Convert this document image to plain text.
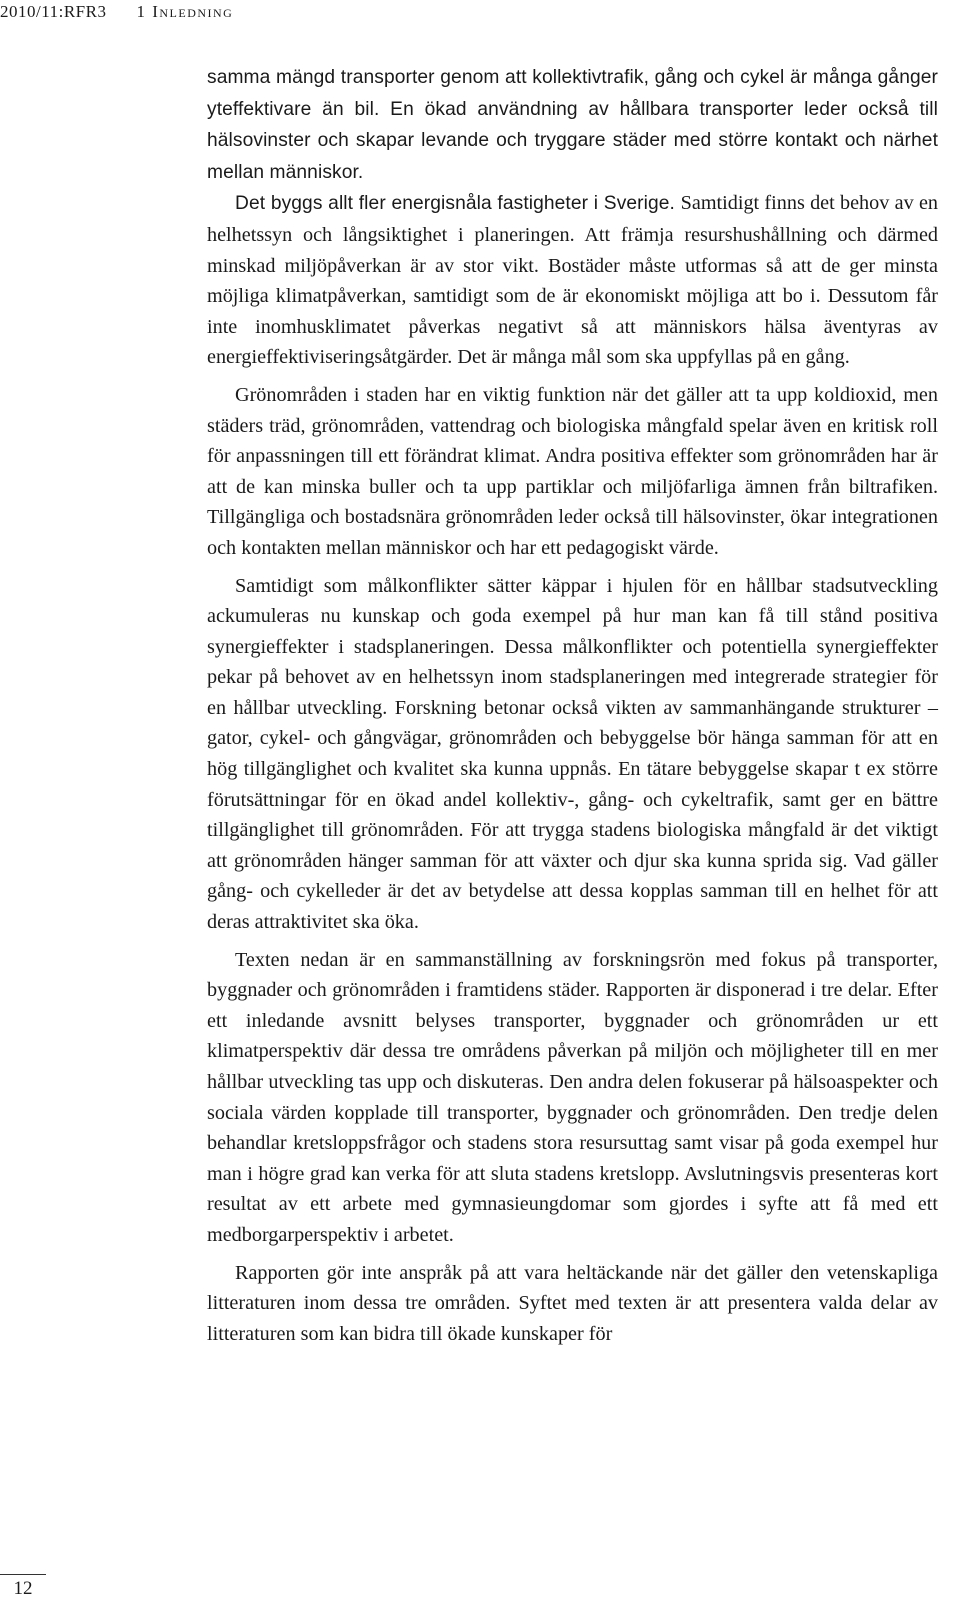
2010/11:RFR3 1 Inledning

samma mängd transporter genom att kollektivtrafik, gång och cykel är många gånger yteffektivare än bil. En ökad användning av hållbara transporter leder också till hälsovinster och skapar levande och tryggare städer med större kontakt och närhet mellan människor.

Det byggs allt fler energisnåla fastigheter i Sverige. Samtidigt finns det behov av en helhetssyn och långsiktighet i planeringen. Att främja resurshushållning och därmed minskad miljöpåverkan är av stor vikt. Bostäder måste utformas så att de ger minsta möjliga klimatpåverkan, samtidigt som de är ekonomiskt möjliga att bo i. Dessutom får inte inomhusklimatet påverkas negativt så att människors hälsa äventyras av energieffektiviseringsåtgärder. Det är många mål som ska uppfyllas på en gång.

Grönområden i staden har en viktig funktion när det gäller att ta upp koldioxid, men städers träd, grönområden, vattendrag och biologiska mångfald spelar även en kritisk roll för anpassningen till ett förändrat klimat. Andra positiva effekter som grönområden har är att de kan minska buller och ta upp partiklar och miljöfarliga ämnen från biltrafiken. Tillgängliga och bostadsnära grönområden leder också till hälsovinster, ökar integrationen och kontakten mellan människor och har ett pedagogiskt värde.

Samtidigt som målkonflikter sätter käppar i hjulen för en hållbar stadsutveckling ackumuleras nu kunskap och goda exempel på hur man kan få till stånd positiva synergieffekter i stadsplaneringen. Dessa målkonflikter och potentiella synergieffekter pekar på behovet av en helhetssyn inom stadsplaneringen med integrerade strategier för en hållbar utveckling. Forskning betonar också vikten av sammanhängande strukturer – gator, cykel- och gångvägar, grönområden och bebyggelse bör hänga samman för att en hög tillgänglighet och kvalitet ska kunna uppnås. En tätare bebyggelse skapar t ex större förutsättningar för en ökad andel kollektiv-, gång- och cykeltrafik, samt ger en bättre tillgänglighet till grönområden. För att trygga stadens biologiska mångfald är det viktigt att grönområden hänger samman för att växter och djur ska kunna sprida sig. Vad gäller gång- och cykelleder är det av betydelse att dessa kopplas samman till en helhet för att deras attraktivitet ska öka.

Texten nedan är en sammanställning av forskningsrön med fokus på transporter, byggnader och grönområden i framtidens städer. Rapporten är disponerad i tre delar. Efter ett inledande avsnitt belyses transporter, byggnader och grönområden ur ett klimatperspektiv där dessa tre områdens påverkan på miljön och möjligheter till en mer hållbar utveckling tas upp och diskuteras. Den andra delen fokuserar på hälsoaspekter och sociala värden kopplade till transporter, byggnader och grönområden. Den tredje delen behandlar kretsloppsfrågor och stadens stora resursuttag samt visar på goda exempel hur man i högre grad kan verka för att sluta stadens kretslopp. Avslutningsvis presenteras kort resultat av ett arbete med gymnasieungdomar som gjordes i syfte att få med ett medborgarperspektiv i arbetet.

Rapporten gör inte anspråk på att vara heltäckande när det gäller den vetenskapliga litteraturen inom dessa tre områden. Syftet med texten är att presentera valda delar av litteraturen som kan bidra till ökade kunskaper för

12
